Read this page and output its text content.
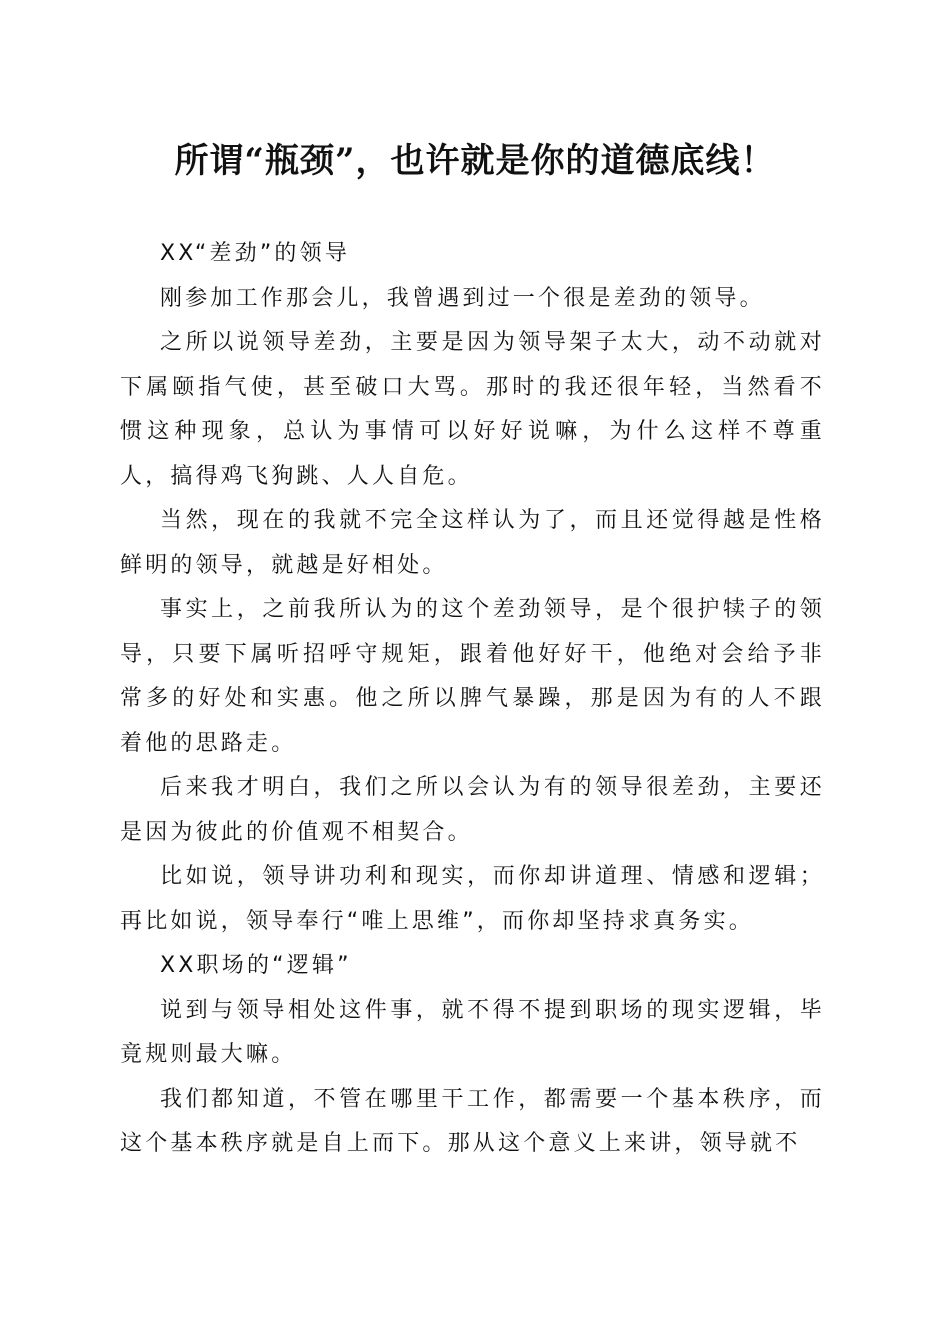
所谓“瓶颈”，也许就是你的道德底线！

XX“差劲”的领导

刚参加工作那会儿，我曾遇到过一个很是差劲的领导。

之所以说领导差劲，主要是因为领导架子太大，动不动就对下属颐指气使，甚至破口大骂。那时的我还很年轻，当然看不惯这种现象，总认为事情可以好好说嘛，为什么这样不尊重人，搞得鸡飞狗跳、人人自危。

当然，现在的我就不完全这样认为了，而且还觉得越是性格鲜明的领导，就越是好相处。

事实上，之前我所认为的这个差劲领导，是个很护犊子的领导，只要下属听招呼守规矩，跟着他好好干，他绝对会给予非常多的好处和实惠。他之所以脾气暴躁，那是因为有的人不跟着他的思路走。

后来我才明白，我们之所以会认为有的领导很差劲，主要还是因为彼此的价值观不相契合。

比如说，领导讲功利和现实，而你却讲道理、情感和逻辑；再比如说，领导奉行“唯上思维”，而你却坚持求真务实。

XX职场的“逻辑”

说到与领导相处这件事，就不得不提到职场的现实逻辑，毕竟规则最大嘛。

我们都知道，不管在哪里干工作，都需要一个基本秩序，而这个基本秩序就是自上而下。那从这个意义上来讲，领导就不
